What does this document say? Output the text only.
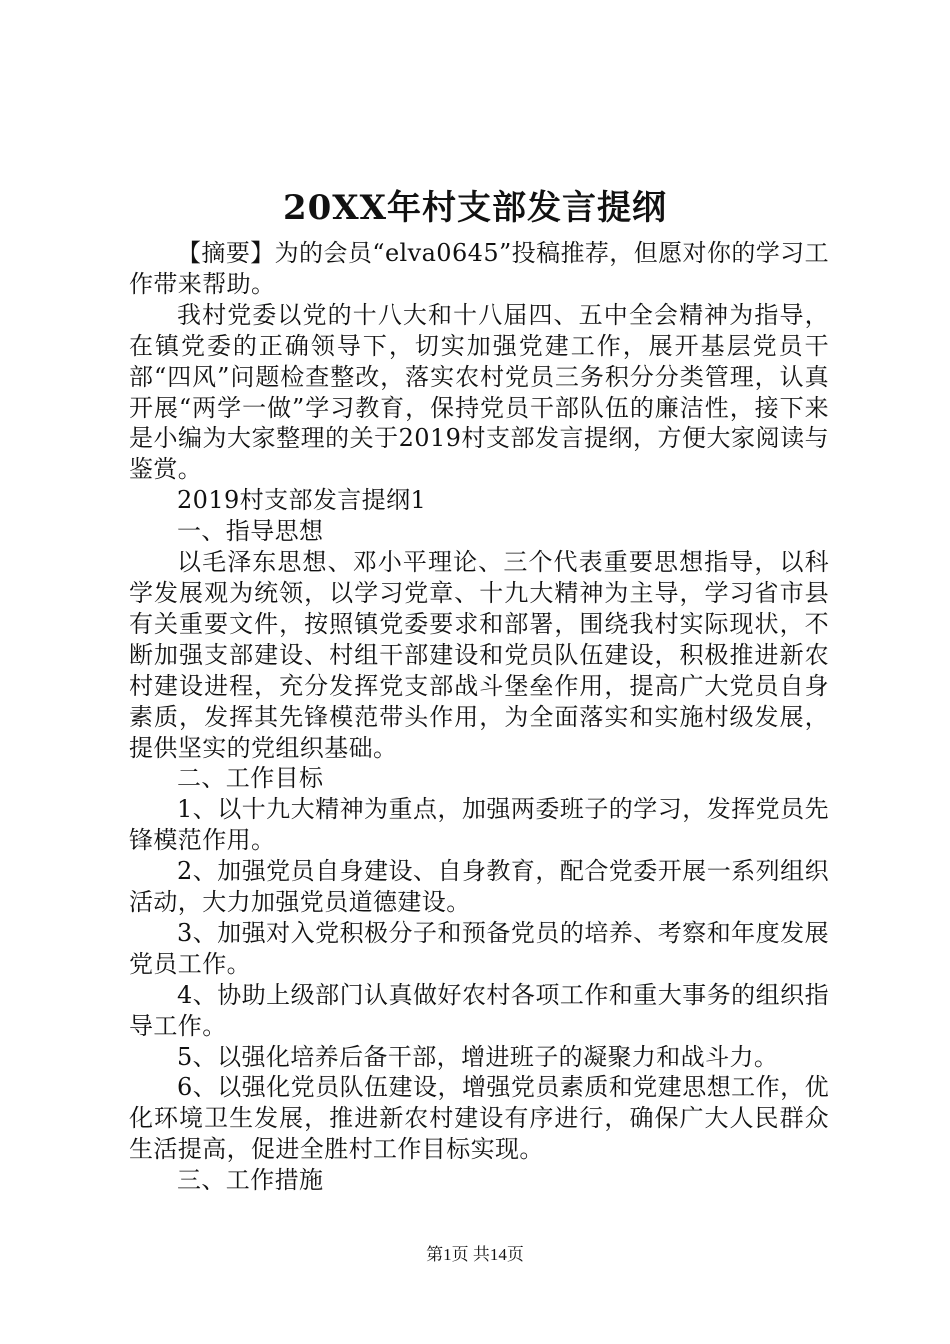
20XX年村支部发言提纲

【摘要】为的会员“elva0645”投稿推荐，但愿对你的学习工作带来帮助。

我村党委以党的十八大和十八届四、五中全会精神为指导，在镇党委的正确领导下，切实加强党建工作，展开基层党员干部“四风”问题检查整改，落实农村党员三务积分分类管理，认真开展“两学一做”学习教育，保持党员干部队伍的廉洁性，接下来是小编为大家整理的关于2019村支部发言提纲，方便大家阅读与鉴赏。

2019村支部发言提纲1

一、指导思想

以毛泽东思想、邓小平理论、三个代表重要思想指导，以科学发展观为统领，以学习党章、十九大精神为主导，学习省市县有关重要文件，按照镇党委要求和部署，围绕我村实际现状，不断加强支部建设、村组干部建设和党员队伍建设，积极推进新农村建设进程，充分发挥党支部战斗堡垒作用，提高广大党员自身素质，发挥其先锋模范带头作用，为全面落实和实施村级发展，提供坚实的党组织基础。

二、工作目标

1、以十九大精神为重点，加强两委班子的学习，发挥党员先锋模范作用。

2、加强党员自身建设、自身教育，配合党委开展一系列组织活动，大力加强党员道德建设。

3、加强对入党积极分子和预备党员的培养、考察和年度发展党员工作。

4、协助上级部门认真做好农村各项工作和重大事务的组织指导工作。

5、以强化培养后备干部，增进班子的凝聚力和战斗力。

6、以强化党员队伍建设，增强党员素质和党建思想工作，优化环境卫生发展，推进新农村建设有序进行，确保广大人民群众生活提高，促进全胜村工作目标实现。

三、工作措施

第1页 共14页
